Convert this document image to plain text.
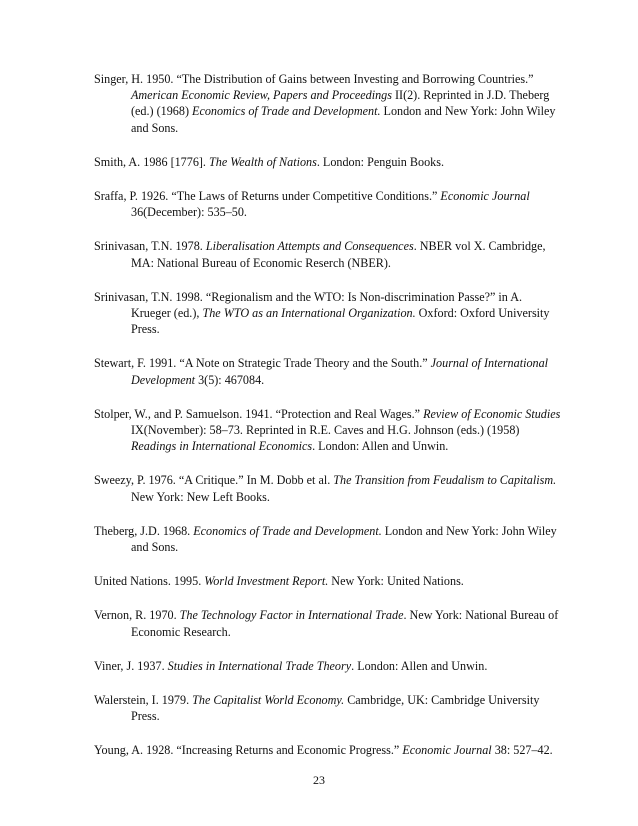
Singer, H. 1950. “The Distribution of Gains between Investing and Borrowing Countries.” American Economic Review, Papers and Proceedings II(2). Reprinted in J.D. Theberg (ed.) (1968) Economics of Trade and Development. London and New York: John Wiley and Sons.

Smith, A. 1986 [1776]. The Wealth of Nations. London: Penguin Books.

Sraffa, P. 1926. “The Laws of Returns under Competitive Conditions.” Economic Journal 36(December): 535–50.

Srinivasan, T.N. 1978. Liberalisation Attempts and Consequences. NBER vol X. Cambridge, MA: National Bureau of Economic Reserch (NBER).

Srinivasan, T.N. 1998. “Regionalism and the WTO: Is Non-discrimination Passe?” in A. Krueger (ed.), The WTO as an International Organization. Oxford: Oxford University Press.

Stewart, F. 1991. “A Note on Strategic Trade Theory and the South.” Journal of International Development 3(5): 467084.

Stolper, W., and P. Samuelson. 1941. “Protection and Real Wages.” Review of Economic Studies IX(November): 58–73. Reprinted in R.E. Caves and H.G. Johnson (eds.) (1958) Readings in International Economics. London: Allen and Unwin.

Sweezy, P. 1976. “A Critique.” In M. Dobb et al. The Transition from Feudalism to Capitalism. New York: New Left Books.

Theberg, J.D. 1968. Economics of Trade and Development. London and New York: John Wiley and Sons.

United Nations. 1995. World Investment Report. New York: United Nations.

Vernon, R. 1970. The Technology Factor in International Trade. New York: National Bureau of Economic Research.

Viner, J. 1937. Studies in International Trade Theory. London: Allen and Unwin.

Walerstein, I. 1979. The Capitalist World Economy. Cambridge, UK: Cambridge University Press.

Young, A. 1928. “Increasing Returns and Economic Progress.” Economic Journal 38: 527–42.

23
